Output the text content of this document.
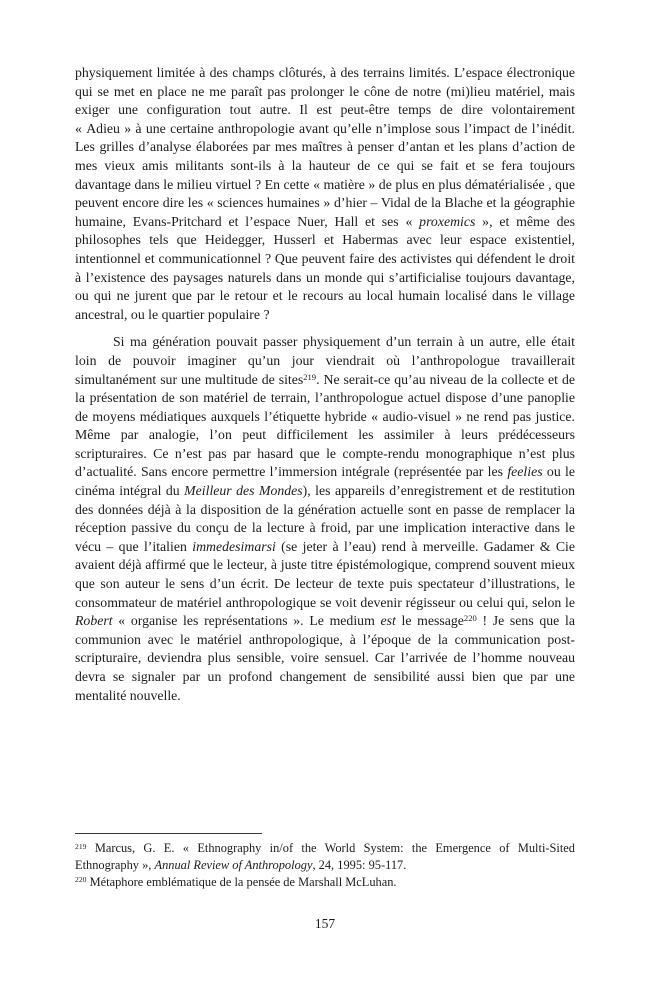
physiquement limitée à des champs clôturés, à des terrains limités. L’espace électronique qui se met en place ne me paraît pas prolonger le cône de notre (mi)lieu matériel, mais exiger une configuration tout autre. Il est peut-être temps de dire volontairement « Adieu » à une certaine anthropologie avant qu’elle n’implose sous l’impact de l’inédit. Les grilles d’analyse élaborées par mes maîtres à penser d’antan et les plans d’action de mes vieux amis militants sont-ils à la hauteur de ce qui se fait et se fera toujours davantage dans le milieu virtuel ? En cette « matière » de plus en plus dématérialisée , que peuvent encore dire les « sciences humaines » d’hier – Vidal de la Blache et la géographie humaine, Evans-Pritchard et l’espace Nuer, Hall et ses « proxemics », et même des philosophes tels que Heidegger, Husserl et Habermas avec leur espace existentiel, intentionnel et communicationnel ? Que peuvent faire des activistes qui défendent le droit à l’existence des paysages naturels dans un monde qui s’artificialise toujours davantage, ou qui ne jurent que par le retour et le recours au local humain localisé dans le village ancestral, ou le quartier populaire ?

Si ma génération pouvait passer physiquement d’un terrain à un autre, elle était loin de pouvoir imaginer qu’un jour viendrait où l’anthropologue travaillerait simultanément sur une multitude de sites$^{219}$. Ne serait-ce qu’au niveau de la collecte et de la présentation de son matériel de terrain, l’anthropologue actuel dispose d’une panoplie de moyens médiatiques auxquels l’étiquette hybride « audio-visuel » ne rend pas justice. Même par analogie, l’on peut difficilement les assimiler à leurs prédécesseurs scripturaires. Ce n’est pas par hasard que le compte-rendu monographique n’est plus d’actualité. Sans encore permettre l’immersion intégrale (représentée par les feelies ou le cinéma intégral du Meilleur des Mondes), les appareils d’enregistrement et de restitution des données déjà à la disposition de la génération actuelle sont en passe de remplacer la réception passive du conçu de la lecture à froid, par une implication interactive dans le vécu – que l’italien immedesimarsi (se jeter à l’eau) rend à merveille. Gadamer & Cie avaient déjà affirmé que le lecteur, à juste titre épistémologique, comprend souvent mieux que son auteur le sens d’un écrit. De lecteur de texte puis spectateur d’illustrations, le consommateur de matériel anthropologique se voit devenir régisseur ou celui qui, selon le Robert « organise les représentations ». Le medium est le message$^{220}$ ! Je sens que la communion avec le matériel anthropologique, à l’époque de la communication post-scripturaire, deviendra plus sensible, voire sensuel. Car l’arrivée de l’homme nouveau devra se signaler par un profond changement de sensibilité aussi bien que par une mentalité nouvelle.

$^{219}$ Marcus, G. E. « Ethnography in/of the World System: the Emergence of Multi-Sited Ethnography », Annual Review of Anthropology, 24, 1995: 95-117.

$^{220}$ Métaphore emblématique de la pensée de Marshall McLuhan.

157
